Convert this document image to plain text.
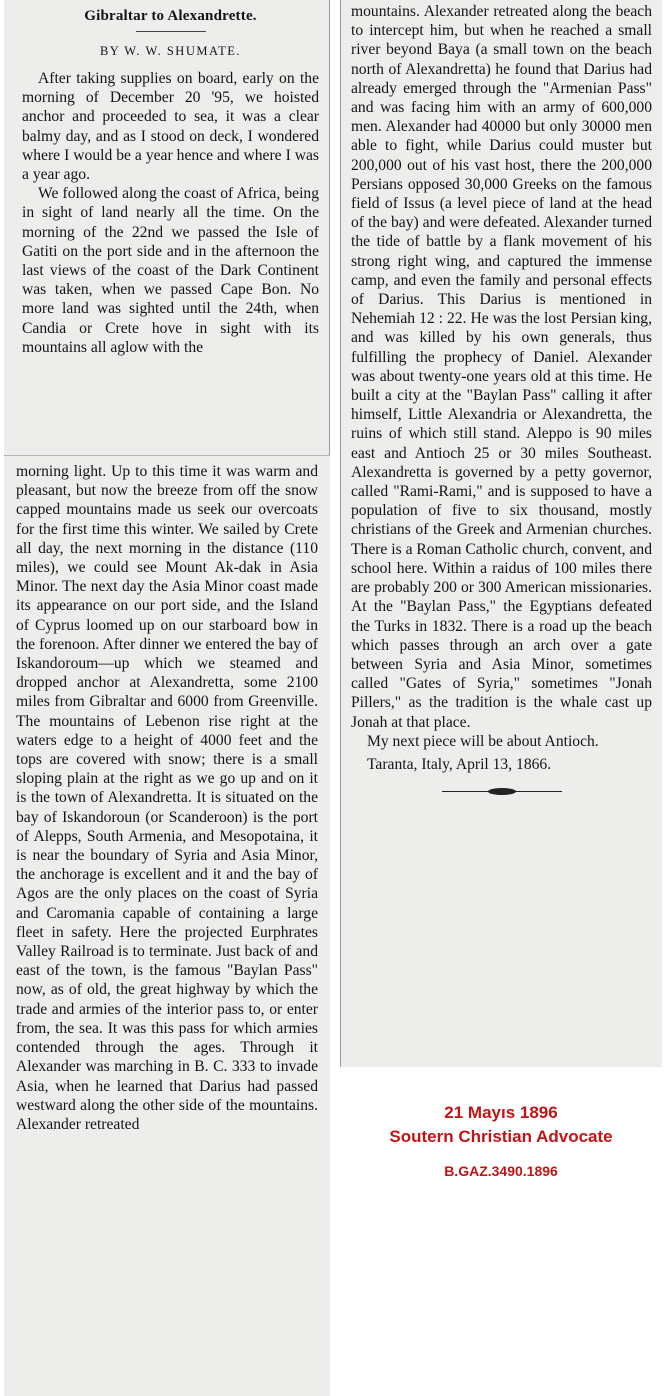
Gibraltar to Alexandrette.

BY W. W. SHUMATE.

After taking supplies on board, early on the morning of December 20 '95, we hoisted anchor and proceeded to sea, it was a clear balmy day, and as I stood on deck, I wondered where I would be a year hence and where I was a year ago.

We followed along the coast of Africa, being in sight of land nearly all the time. On the morning of the 22nd we passed the Isle of Gatiti on the port side and in the afternoon the last views of the coast of the Dark Continent was taken, when we passed Cape Bon. No more land was sighted until the 24th, when Candia or Crete hove in sight with its mountains all aglow with the

morning light. Up to this time it was warm and pleasant, but now the breeze from off the snow capped mountains made us seek our overcoats for the first time this winter. We sailed by Crete all day, the next morning in the distance (110 miles), we could see Mount Ak-dak in Asia Minor. The next day the Asia Minor coast made its appearance on our port side, and the Island of Cyprus loomed up on our starboard bow in the forenoon. After dinner we entered the bay of Iskandoroum—up which we steamed and dropped anchor at Alexandretta, some 2100 miles from Gibraltar and 6000 from Greenville. The mountains of Lebenon rise right at the waters edge to a height of 4000 feet and the tops are covered with snow; there is a small sloping plain at the right as we go up and on it is the town of Alexandretta. It is situated on the bay of Iskandoroun (or Scanderoon) is the port of Alepps, South Armenia, and Mesopotaina, it is near the boundary of Syria and Asia Minor, the anchorage is excellent and it and the bay of Agos are the only places on the coast of Syria and Caromania capable of containing a large fleet in safety. Here the projected Eurphrates Valley Railroad is to terminate. Just back of and east of the town, is the famous "Baylan Pass" now, as of old, the great highway by which the trade and armies of the interior pass to, or enter from, the sea. It was this pass for which armies contended through the ages. Through it Alexander was marching in B. C. 333 to invade Asia, when he learned that Darius had passed westward along the other side of the mountains. Alexander retreated

mountains. Alexander retreated along the beach to intercept him, but when he reached a small river beyond Baya (a small town on the beach north of Alexandretta) he found that Darius had already emerged through the "Armenian Pass" and was facing him with an army of 600,000 men. Alexander had 40000 but only 30000 men able to fight, while Darius could muster but 200,000 out of his vast host, there the 200,000 Persians opposed 30,000 Greeks on the famous field of Issus (a level piece of land at the head of the bay) and were defeated. Alexander turned the tide of battle by a flank movement of his strong right wing, and captured the immense camp, and even the family and personal effects of Darius. This Darius is mentioned in Nehemiah 12 : 22. He was the lost Persian king, and was killed by his own generals, thus fulfilling the prophecy of Daniel. Alexander was about twenty-one years old at this time. He built a city at the "Baylan Pass" calling it after himself, Little Alexandria or Alexandretta, the ruins of which still stand. Aleppo is 90 miles east and Antioch 25 or 30 miles Southeast. Alexandretta is governed by a petty governor, called "Rami-Rami," and is supposed to have a population of five to six thousand, mostly christians of the Greek and Armenian churches. There is a Roman Catholic church, convent, and school here. Within a raidus of 100 miles there are probably 200 or 300 American missionaries. At the "Baylan Pass," the Egyptians defeated the Turks in 1832. There is a road up the beach which passes through an arch over a gate between Syria and Asia Minor, sometimes called "Gates of Syria," sometimes "Jonah Pillers," as the tradition is the whale cast up Jonah at that place.

My next piece will be about Antioch.

Taranta, Italy, April 13, 1866.

21 Mayıs 1896
Soutern Christian Advocate
B.GAZ.3490.1896
